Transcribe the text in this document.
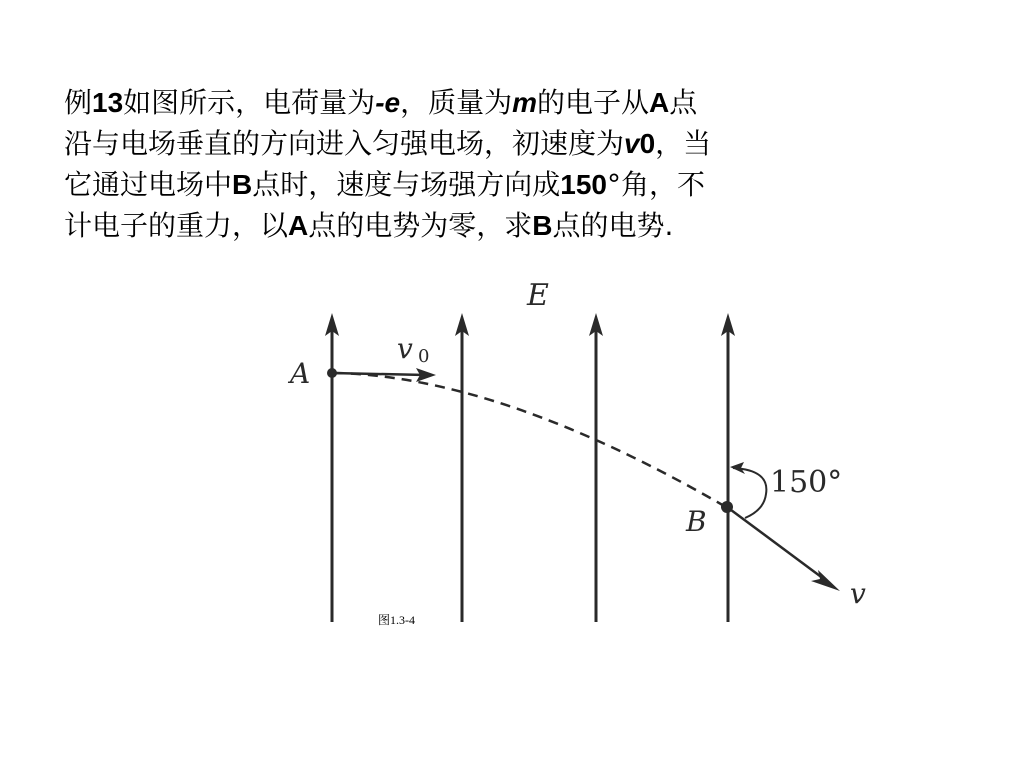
例13如图所示，电荷量为-e，质量为m的电子从A点
沿与电场垂直的方向进入匀强电场，初速度为v0，当
它通过电场中B点时，速度与场强方向成150°角，不
计电子的重力，以A点的电势为零，求B点的电势.
E
v 0
A
B
v
150°
图1.3-4
